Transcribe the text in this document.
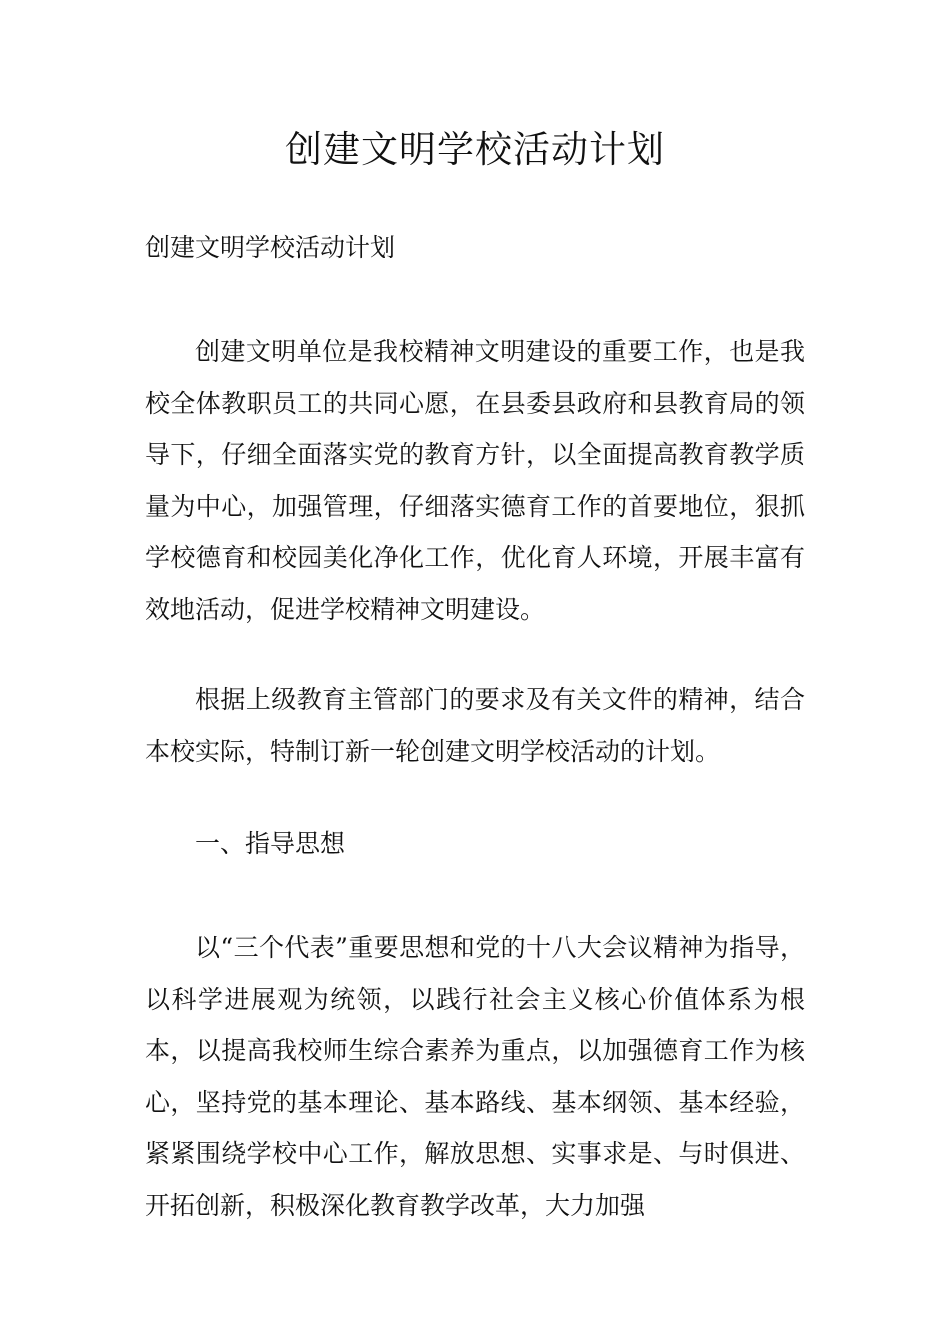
创建文明学校活动计划
创建文明学校活动计划

创建文明单位是我校精神文明建设的重要工作，也是我校全体教职员工的共同心愿，在县委县政府和县教育局的领导下，仔细全面落实党的教育方针，以全面提高教育教学质量为中心，加强管理，仔细落实德育工作的首要地位，狠抓学校德育和校园美化净化工作，优化育人环境，开展丰富有效地活动，促进学校精神文明建设。

根据上级教育主管部门的要求及有关文件的精神，结合本校实际，特制订新一轮创建文明学校活动的计划。

一、指导思想

以“三个代表”重要思想和党的十八大会议精神为指导，以科学进展观为统领，以践行社会主义核心价值体系为根本，以提高我校师生综合素养为重点，以加强德育工作为核心，坚持党的基本理论、基本路线、基本纲领、基本经验，紧紧围绕学校中心工作，解放思想、实事求是、与时俱进、开拓创新，积极深化教育教学改革，大力加强
